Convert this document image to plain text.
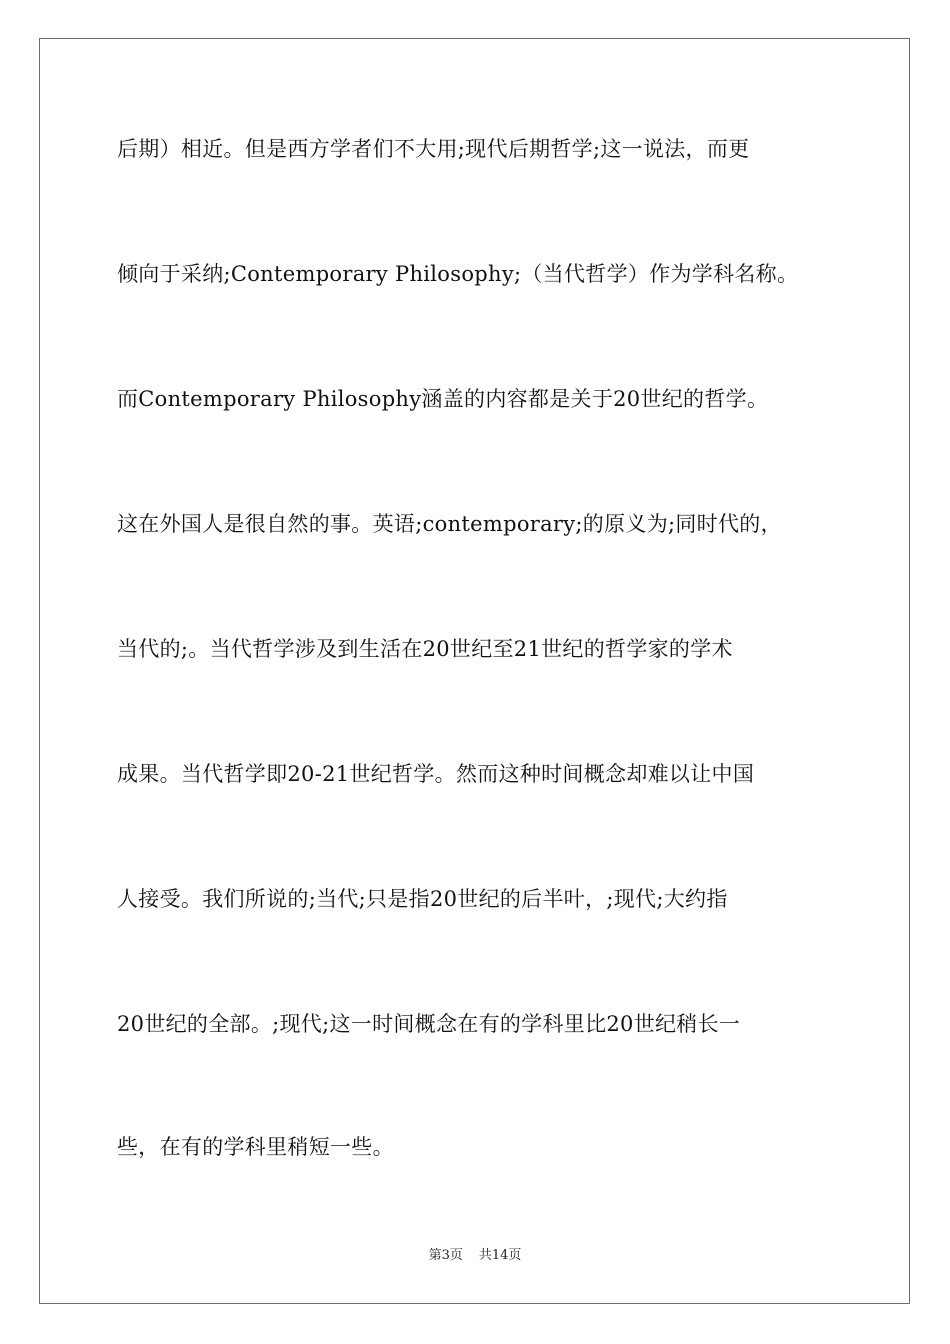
后期）相近。但是西方学者们不大用;现代后期哲学;这一说法，而更
倾向于采纳;Contemporary Philosophy;（当代哲学）作为学科名称。
而Contemporary Philosophy涵盖的内容都是关于20世纪的哲学。
这在外国人是很自然的事。英语;contemporary;的原义为;同时代的，
当代的;。当代哲学涉及到生活在20世纪至21世纪的哲学家的学术
成果。当代哲学即20-21世纪哲学。然而这种时间概念却难以让中国
人接受。我们所说的;当代;只是指20世纪的后半叶，;现代;大约指
20世纪的全部。;现代;这一时间概念在有的学科里比20世纪稍长一
些，在有的学科里稍短一些。
第3页 共14页
